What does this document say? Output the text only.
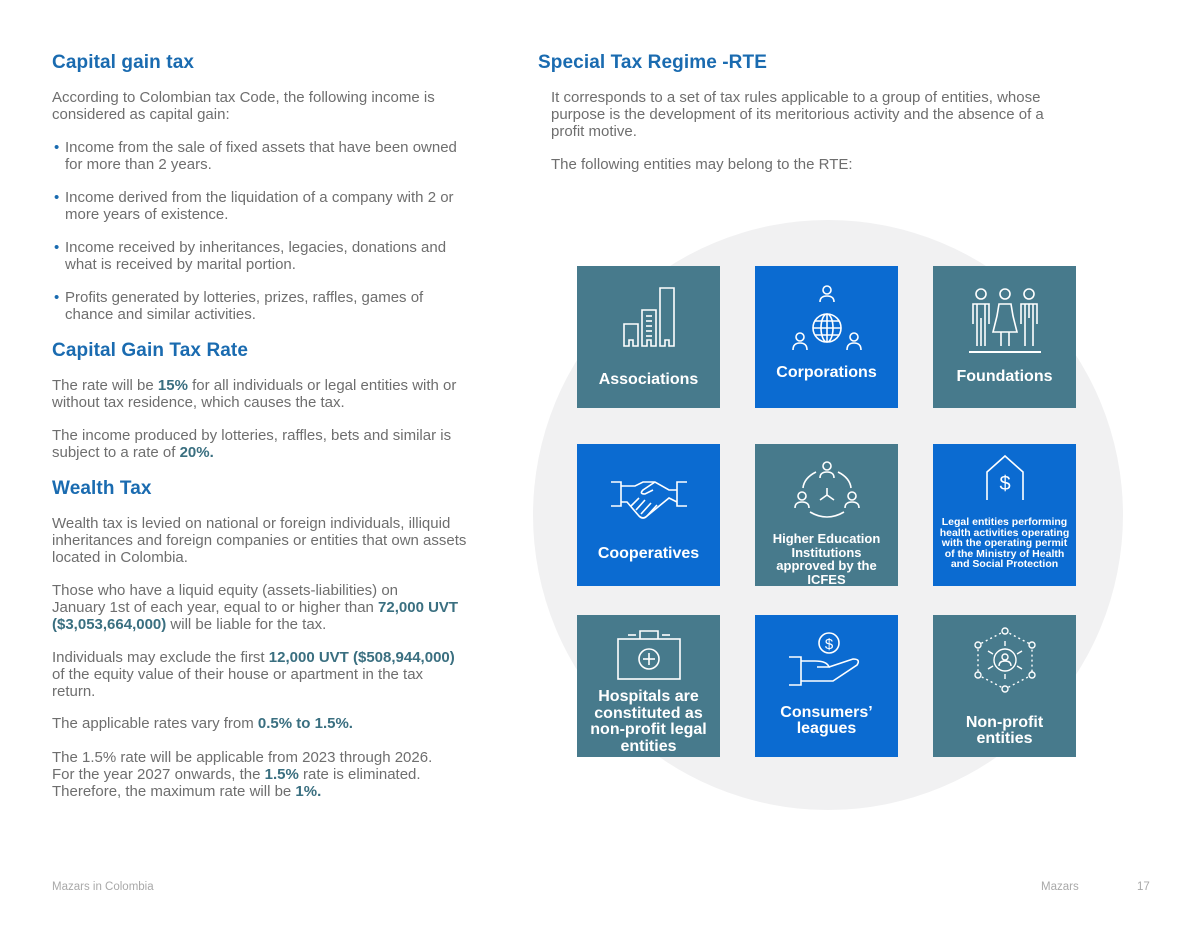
Capital gain tax
According to Colombian tax Code, the following income is
considered as capital gain:
• Income from the sale of fixed assets that have been owned
for more than 2 years.
• Income derived from the liquidation of a company with 2 or
more years of existence.
• Income received by inheritances, legacies, donations and
what is received by marital portion.
• Profits generated by lotteries, prizes, raffles, games of
chance and similar activities.
Capital Gain Tax Rate
The rate will be 15% for all individuals or legal entities with or
without tax residence, which causes the tax.
The income produced by lotteries, raffles, bets and similar is
subject to a rate of 20%.
Wealth Tax
Wealth tax is levied on national or foreign individuals, illiquid
inheritances and foreign companies or entities that own assets
located in Colombia.
Those who have a liquid equity (assets-liabilities) on
January 1st of each year, equal to or higher than 72,000 UVT
($3,053,664,000) will be liable for the tax.
Individuals may exclude the first 12,000 UVT ($508,944,000)
of the equity value of their house or apartment in the tax
return.
The applicable rates vary from 0.5% to 1.5%.
The 1.5% rate will be applicable from 2023 through 2026.
For the year 2027 onwards, the 1.5% rate is eliminated.
Therefore, the maximum rate will be 1%.
Special Tax Regime -RTE
It corresponds to a set of tax rules applicable to a group of entities, whose
purpose is the development of its meritorious activity and the absence of a
profit motive.
The following entities may belong to the RTE:
Associations	Corporations	Foundations
Cooperatives
Higher Education
Institutions
approved by the
ICFES
$
Legal entities performing
health activities operating
with the operating permit
of the Ministry of Health
and Social Protection
Hospitals are
constituted as
non-profit legal
entities
$
Consumers’
leagues	Non-profit
entities
Mazars in Colombia	Mazars	17
